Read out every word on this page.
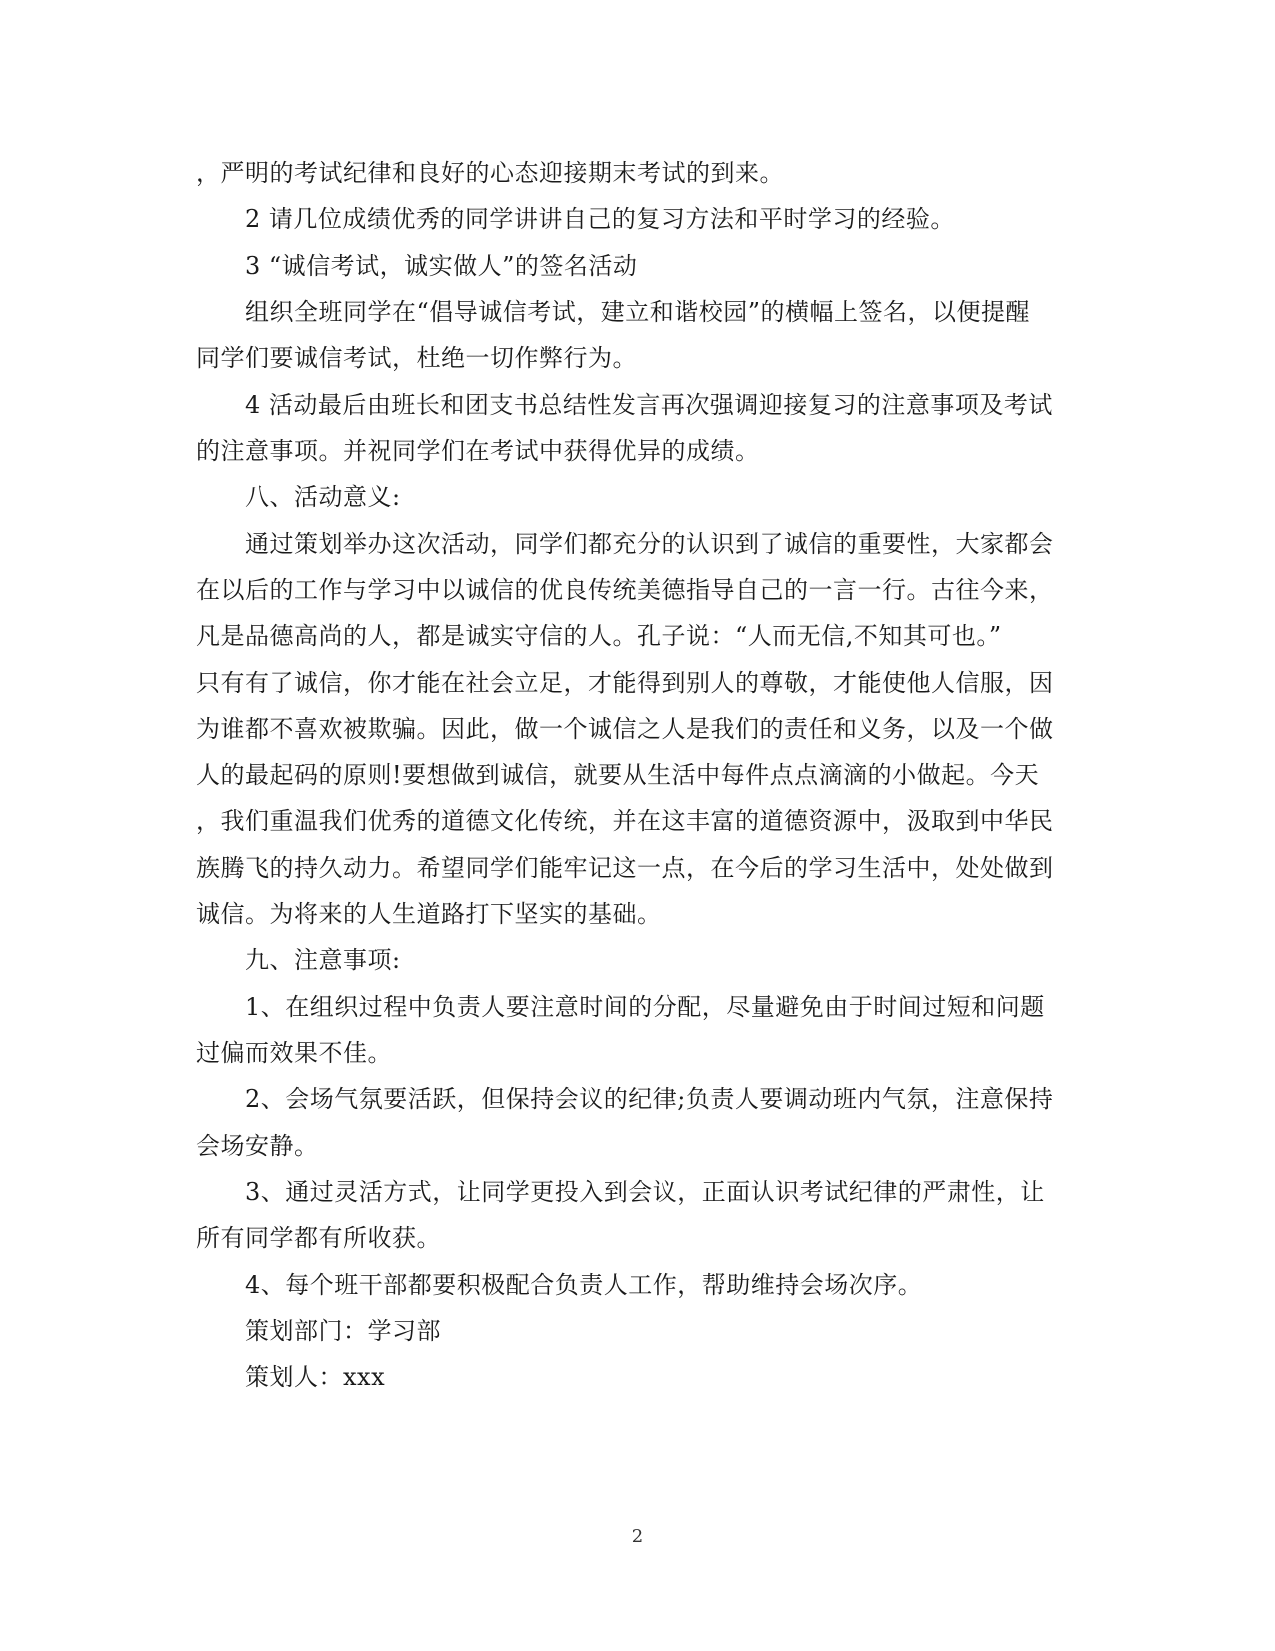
，严明的考试纪律和良好的心态迎接期末考试的到来。
2 请几位成绩优秀的同学讲讲自己的复习方法和平时学习的经验。
3 “诚信考试，诚实做人”的签名活动
组织全班同学在“倡导诚信考试，建立和谐校园”的横幅上签名，以便提醒
同学们要诚信考试，杜绝一切作弊行为。
4 活动最后由班长和团支书总结性发言再次强调迎接复习的注意事项及考试
的注意事项。并祝同学们在考试中获得优异的成绩。
八、活动意义:
通过策划举办这次活动，同学们都充分的认识到了诚信的重要性，大家都会
在以后的工作与学习中以诚信的优良传统美德指导自己的一言一行。古往今来，
凡是品德高尚的人，都是诚实守信的人。孔子说：“人而无信,不知其可也。”
只有有了诚信，你才能在社会立足，才能得到别人的尊敬，才能使他人信服，因
为谁都不喜欢被欺骗。因此，做一个诚信之人是我们的责任和义务，以及一个做
人的最起码的原则!要想做到诚信，就要从生活中每件点点滴滴的小做起。今天
，我们重温我们优秀的道德文化传统，并在这丰富的道德资源中，汲取到中华民
族腾飞的持久动力。希望同学们能牢记这一点，在今后的学习生活中，处处做到
诚信。为将来的人生道路打下坚实的基础。
九、注意事项:
1、在组织过程中负责人要注意时间的分配，尽量避免由于时间过短和问题
过偏而效果不佳。
2、会场气氛要活跃，但保持会议的纪律;负责人要调动班内气氛，注意保持
会场安静。
3、通过灵活方式，让同学更投入到会议，正面认识考试纪律的严肃性，让
所有同学都有所收获。
4、每个班干部都要积极配合负责人工作，帮助维持会场次序。
策划部门：学习部
策划人：xxx
2
